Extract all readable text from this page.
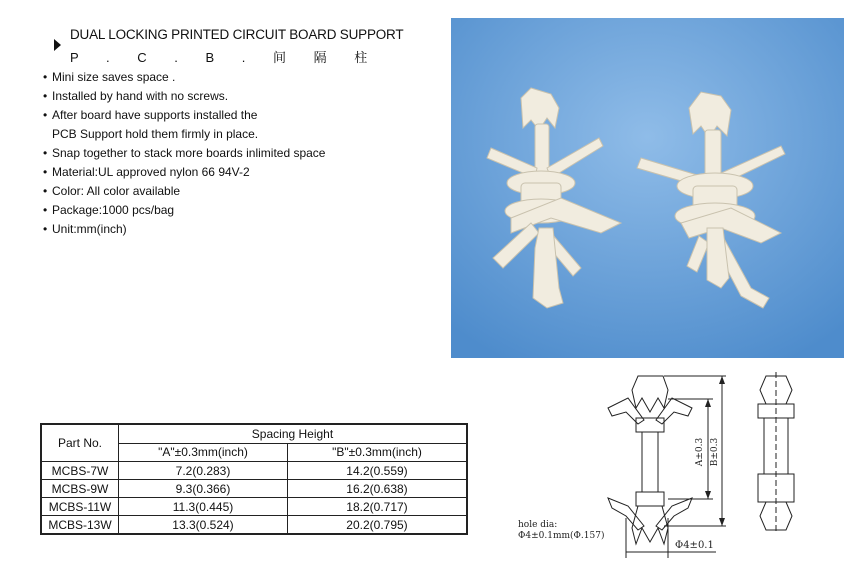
DUAL LOCKING PRINTED CIRCUIT BOARD SUPPORT
P . C . B . 间 隔 柱
• Mini size saves space .
• Installed by hand with no screws.
• After board have supports installed the
PCB Support hold them firmly in place.
• Snap together to stack more boards inlimited space
• Material:UL approved nylon 66 94V-2
• Color: All color available
• Package:1000 pcs/bag
• Unit:mm(inch)
Part No.	Spacing Height	
	"A"±0.3mm(inch)	"B"±0.3mm(inch)
MCBS-7W	7.2(0.283)	14.2(0.559)
MCBS-9W	9.3(0.366)	16.2(0.638)
MCBS-11W	11.3(0.445)	18.2(0.717)
MCBS-13W	13.3(0.524)	20.2(0.795)
A±0.3 B±0.3
hole dia:
Φ4±0.1mm(Φ.157)
Φ4±0.1
